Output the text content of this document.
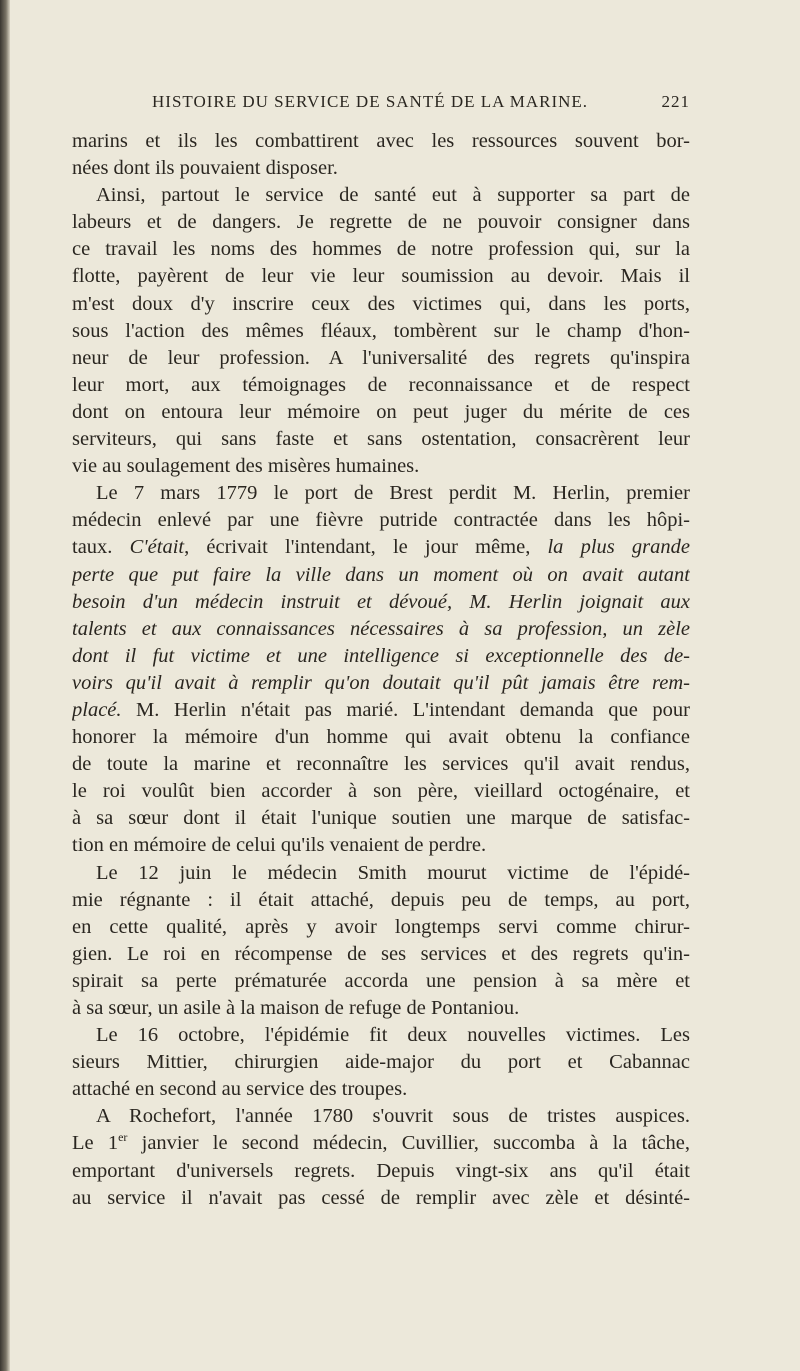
HISTOIRE DU SERVICE DE SANTÉ DE LA MARINE.	221
marins et ils les combattirent avec les ressources souvent bor-
nées dont ils pouvaient disposer.
Ainsi, partout le service de santé eut à supporter sa part de
labeurs et de dangers. Je regrette de ne pouvoir consigner dans
ce travail les noms des hommes de notre profession qui, sur la
flotte, payèrent de leur vie leur soumission au devoir. Mais il
m'est doux d'y inscrire ceux des victimes qui, dans les ports,
sous l'action des mêmes fléaux, tombèrent sur le champ d'hon-
neur de leur profession. A l'universalité des regrets qu'inspira
leur mort, aux témoignages de reconnaissance et de respect
dont on entoura leur mémoire on peut juger du mérite de ces
serviteurs, qui sans faste et sans ostentation, consacrèrent leur
vie au soulagement des misères humaines.
Le 7 mars 1779 le port de Brest perdit M. Herlin, premier
médecin enlevé par une fièvre putride contractée dans les hôpi-
taux. C'était, écrivait l'intendant, le jour même, la plus grande
perte que put faire la ville dans un moment où on avait autant
besoin d'un médecin instruit et dévoué, M. Herlin joignait aux
talents et aux connaissances nécessaires à sa profession, un zèle
dont il fut victime et une intelligence si exceptionnelle des de-
voirs qu'il avait à remplir qu'on doutait qu'il pût jamais être rem-
placé. M. Herlin n'était pas marié. L'intendant demanda que pour
honorer la mémoire d'un homme qui avait obtenu la confiance
de toute la marine et reconnaître les services qu'il avait rendus,
le roi voulût bien accorder à son père, vieillard octogénaire, et
à sa sœur dont il était l'unique soutien une marque de satisfac-
tion en mémoire de celui qu'ils venaient de perdre.
Le 12 juin le médecin Smith mourut victime de l'épidé-
mie régnante : il était attaché, depuis peu de temps, au port,
en cette qualité, après y avoir longtemps servi comme chirur-
gien. Le roi en récompense de ses services et des regrets qu'in-
spirait sa perte prématurée accorda une pension à sa mère et
à sa sœur, un asile à la maison de refuge de Pontaniou.
Le 16 octobre, l'épidémie fit deux nouvelles victimes. Les
sieurs Mittier, chirurgien aide-major du port et Cabannac
attaché en second au service des troupes.
A Rochefort, l'année 1780 s'ouvrit sous de tristes auspices.
Le 1er janvier le second médecin, Cuvillier, succomba à la tâche,
emportant d'universels regrets. Depuis vingt-six ans qu'il était
au service il n'avait pas cessé de remplir avec zèle et désinté-
